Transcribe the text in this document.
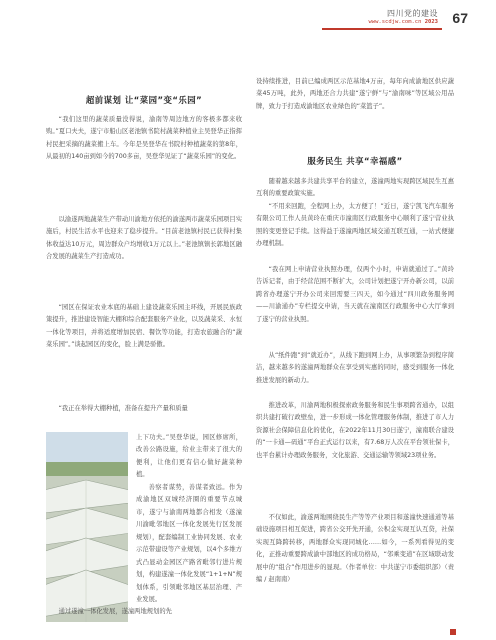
四川党的建设
www.scdjw.com.cn 2023 67
超前谋划 让“菜园”变“乐园”

“我们这里的蔬菜质量没得说，渝南等周边地方的客极多都来收购。”夏口夫夫，遂宁市船山区老池镇书院村蔬菜种植业主吴登华正指挥村民把采摘的蔬菜搬上车。今年是吴登华在书院村种植蔬菜的第8年，从最初的140亩到如今的700多亩，吴登华见证了“蔬菜乐园”的变化。

以渝遂两地蔬菜生产带动川渝地方依托的渝遂两市蔬菜乐园项目实施后，村民生活水平也迎来了稳步提升。“目前老池镇村民已获得村集体收益达10万元，周边群众户均增收1万元以上。”老池镇镇长郭地区融合发展的蔬菜生产打造成功。

“园区在保证农业本底的基础上建设蔬菜乐园主环线，开展民族政策提升，推进建设智能大棚和综合配套服务产业化，以及蔬菜采、水恒一体化等项目，并将适度增加民宿、餐饮等功能，打造农旅融合的“蔬菜乐园”。”谈起园区的变化，脸上满是骄傲。

“我正在举得大棚种植，准备在提升产量和质量

上下功夫。”吴登华说，园区修席所，改善公路设施，给业主带来了很大的便利，让他们更有信心做好蔬菜种植。

善察者谋势，善谋者致远。作为成渝地区双城经济圈的重要节点城市，遂宁与渝南两地都合相发（遂潼川渝毗邻地区一体化发展先行区发展规划），配套编制工业协同发展、农业示范带建设等产业规划，以4个多维方式凸显动金园区产路省毗邻行进片规划，构建遂潼一体化发展“1+1+N”规划体系，引领毗邻地区基层治理、产业发展。

通过遂潼一体化发展，遂潼两地规划的先

设持续推进，目前已编成两区示范基地4万亩，每年向成渝地区供应蔬菜45万吨，此外，两地还合力共建“遂宁鲜”与“渝南味”等区域公用品牌，致力于打造成渝地区农业绿色的“菜篮子”。

服务民生 共享“幸福感”

随着越来越多共建共享平台的建立，遂潼两地实现跨区域民生互惠互利的重要政策实施。

“不用来回跑，全程网上办，太方便了！”近日，遂宁凯飞汽车服务有限公司工作人员黄玲在重庆市潼南区行政服务中心顺利了遂宁营业执照的变更登记手续。这得益于遂潼两地区域交通互联互通，一站式便捷办理机制。

“我在网上申请营业执照办理，仅两个小时，申请就通过了。”黄玲告诉记者，由于经营范围不断扩大，公司计划把遂宁开办新公司，以前跨省办理遂宁开办公司来回需要三四天，如今通过“四川政务服务网——川渝通办”专栏提交申请，当天就在潼南区行政服务中心大厅拿到了遂宁的营业执照。

从“纸件跑”到“就近办”，从线下跑到网上办，从事项繁杂到程序简洁，越来越多的遂潼两地群众在享受到实惠的同时，感受到服务一体化推进发展的新动力。

推进改革，川渝两地积极探索政务服务和民生事项跨省通办，以组织共建打破行政壁垒，进一步形成一体化管理服务体制，推进了市人力资源社会保障信息化的优化，在2022年11月30日遂宁，潼南联合建设的“一卡通—码通”平台正式运行以来，有7.68万人次在平台领社保卡，也平台累计办理政务服务，文化旅游、交通运输等领域23项业务。

不仅如此，渝遂两地围绕民生产等等产业项目和遂潼快速通道等基础设施项目相互促进，跨省公交开先开通，公积金实现互认互贷，社保实现互降跨转移，两地群众实现同城化……如今，一系列看得见的变化，正推动重要跨成渝中部地区的成功格局，“邻乘变道”在区域联动发展中的“组合”作用进步的显现。（作者单位：中共遂宁市委组织部）（责编 / 赵南南）
